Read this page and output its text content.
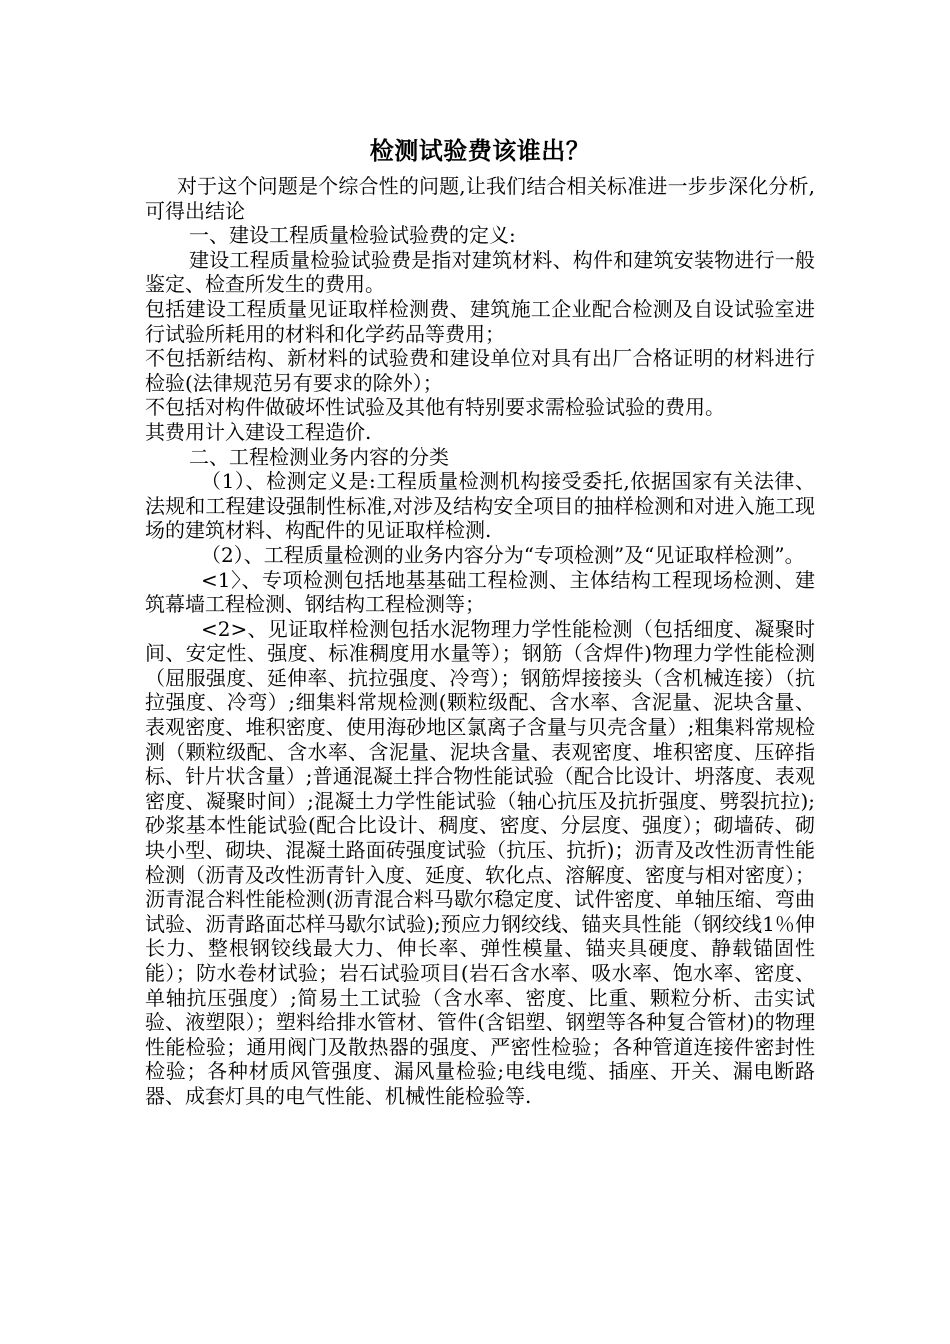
检测试验费该谁出？

对于这个问题是个综合性的问题,让我们结合相关标准进一步步深化分析,可得出结论

一、建设工程质量检验试验费的定义:

建设工程质量检验试验费是指对建筑材料、构件和建筑安装物进行一般鉴定、检查所发生的费用。

包括建设工程质量见证取样检测费、建筑施工企业配合检测及自设试验室进行试验所耗用的材料和化学药品等费用；

不包括新结构、新材料的试验费和建设单位对具有出厂合格证明的材料进行检验(法律规范另有要求的除外）；

不包括对构件做破坏性试验及其他有特别要求需检验试验的费用。

其费用计入建设工程造价.

二、工程检测业务内容的分类

（1）、检测定义是:工程质量检测机构接受委托,依据国家有关法律、法规和工程建设强制性标准,对涉及结构安全项目的抽样检测和对进入施工现场的建筑材料、构配件的见证取样检测.

（2）、工程质量检测的业务内容分为“专项检测”及“见证取样检测”。

<1〉、专项检测包括地基基础工程检测、主体结构工程现场检测、建筑幕墙工程检测、钢结构工程检测等；

<2>、见证取样检测包括水泥物理力学性能检测（包括细度、凝聚时间、安定性、强度、标准稠度用水量等）；钢筋（含焊件)物理力学性能检测（屈服强度、延伸率、抗拉强度、冷弯）；钢筋焊接接头（含机械连接）（抗拉强度、冷弯）;细集料常规检测(颗粒级配、含水率、含泥量、泥块含量、表观密度、堆积密度、使用海砂地区氯离子含量与贝壳含量）;粗集料常规检测（颗粒级配、含水率、含泥量、泥块含量、表观密度、堆积密度、压碎指标、针片状含量）;普通混凝土拌合物性能试验（配合比设计、坍落度、表观密度、凝聚时间）;混凝土力学性能试验（轴心抗压及抗折强度、劈裂抗拉);砂浆基本性能试验(配合比设计、稠度、密度、分层度、强度）；砌墙砖、砌块小型、砌块、混凝土路面砖强度试验（抗压、抗折)；沥青及改性沥青性能检测（沥青及改性沥青针入度、延度、软化点、溶解度、密度与相对密度）；沥青混合料性能检测(沥青混合料马歇尔稳定度、试件密度、单轴压缩、弯曲试验、沥青路面芯样马歇尔试验);预应力钢绞线、锚夹具性能（钢绞线1％伸长力、整根钢铰线最大力、伸长率、弹性模量、锚夹具硬度、静载锚固性能）；防水卷材试验；岩石试验项目(岩石含水率、吸水率、饱水率、密度、单轴抗压强度）;简易土工试验（含水率、密度、比重、颗粒分析、击实试验、液塑限）；塑料给排水管材、管件(含铝塑、钢塑等各种复合管材)的物理性能检验；通用阀门及散热器的强度、严密性检验；各种管道连接件密封性检验；各种材质风管强度、漏风量检验;电线电缆、插座、开关、漏电断路器、成套灯具的电气性能、机械性能检验等.
